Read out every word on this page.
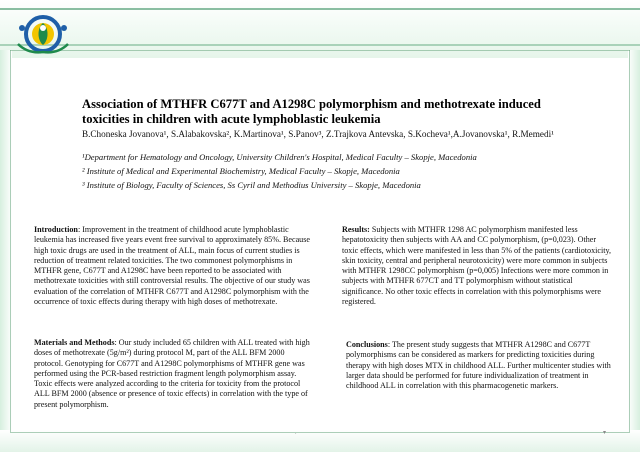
Association of MTHFR C677T and A1298C polymorphism and methotrexate induced toxicities in children with acute lymphoblastic leukemia
B.Choneska Jovanova¹, S.Alabakovska², K.Martinova¹, S.Panov³, Z.Trajkova Antevska, S.Kocheva¹,A.Jovanovska¹, R.Memedi¹
¹Department for Hematology and Oncology, University Children's Hospital, Medical Faculty – Skopje, Macedonia
² Institute of Medical and Experimental Biochemistry, Medical Faculty – Skopje, Macedonia
³ Institute of Biology, Faculty of Sciences, Ss Cyril and Methodius University – Skopje, Macedonia
Introduction: Improvement in the treatment of childhood acute lymphoblastic leukemia has increased five years event free survival to approximately 85%. Because high toxic drugs are used in the treatment of ALL, main focus of current studies is reduction of treatment related toxicities. The two commonest polymorphisms in MTHFR gene, C677T and A1298C have been reported to be associated with methotrexate toxicities with still controversial results. The objective of our study was evaluation of the correlation of MTHFR C677T and A1298C polymorphism with the occurrence of toxic effects during therapy with high doses of methotrexate.
Materials and Methods: Our study included 65 children with ALL treated with high doses of methotrexate (5g/m²) during protocol M, part of the ALL BFM 2000 protocol. Genotyping for C677T and A1298C polymorphisms of MTHFR gene was performed using the PCR-based restriction fragment length polymorphism assay. Toxic effects were analyzed according to the criteria for toxicity from the protocol ALL BFM 2000 (absence or presence of toxic effects) in correlation with the type of present polymorphism.
Results: Subjects with MTHFR 1298 AC polymorphism manifested less hepatotoxicity then subjects with AA and CC polymorphism, (p=0,023). Other toxic effects, which were manifested in less than 5% of the patients (cardiotoxicity, skin toxicity, central and peripheral neurotoxicity) were more common in subjects with MTHFR 1298CC polymorphism (p=0,005) Infections were more common in subjects with MTHFR 677CT and TT polymorphism without statistical significance. No other toxic effects in correlation with this polymorphisms were registered.
Conclusions: The present study suggests that MTHFR A1298C and C677T polymorphisms can be considered as markers for predicting toxicities during therapy with high doses MTX in childhood ALL. Further multicenter studies with larger data should be performed for future individualization of treatment in childhood ALL in correlation with this pharmacogenetic markers.
.	▾
